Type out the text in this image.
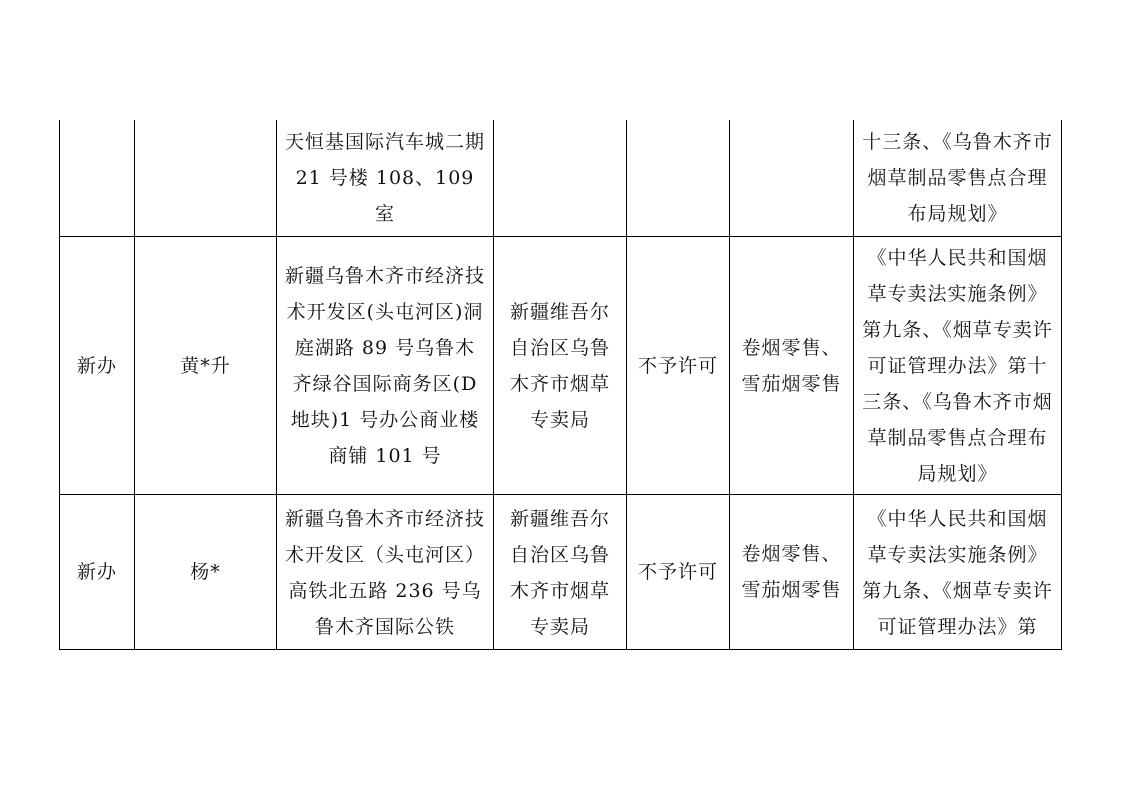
		天恒基国际汽车城二期 21 号楼 108、109 室				十三条、《乌鲁木齐市烟草制品零售点合理布局规划》

新办	黄*升	新疆乌鲁木齐市经济技术开发区(头屯河区)洞庭湖路 89 号乌鲁木齐绿谷国际商务区(D 地块)1 号办公商业楼商铺 101 号	新疆维吾尔自治区乌鲁木齐市烟草专卖局	不予许可	卷烟零售、雪茄烟零售	《中华人民共和国烟草专卖法实施条例》第九条、《烟草专卖许可证管理办法》第十三条、《乌鲁木齐市烟草制品零售点合理布局规划》

新办	杨*	新疆乌鲁木齐市经济技术开发区（头屯河区）高铁北五路 236 号乌鲁木齐国际公铁	新疆维吾尔自治区乌鲁木齐市烟草专卖局	不予许可	卷烟零售、雪茄烟零售	《中华人民共和国烟草专卖法实施条例》第九条、《烟草专卖许可证管理办法》第
